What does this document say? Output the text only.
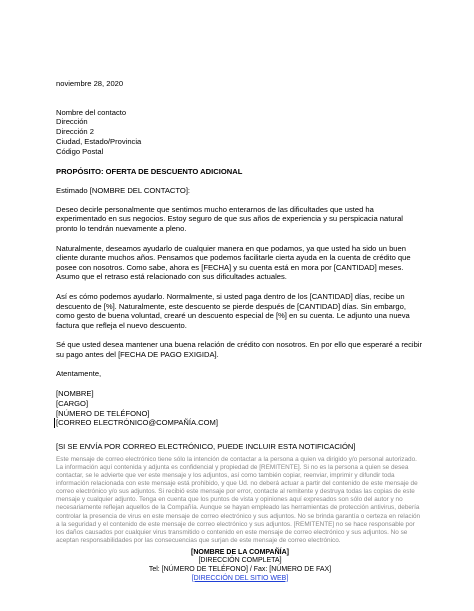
noviembre 28, 2020

Nombre del contacto
Dirección
Dirección 2
Ciudad, Estado/Provincia
Código Postal

PROPÓSITO: OFERTA DE DESCUENTO ADICIONAL

Estimado [NOMBRE DEL CONTACTO]:

Deseo decirle personalmente que sentimos mucho enterarnos de las dificultades que usted ha experimentado en sus negocios. Estoy seguro de que sus años de experiencia y su perspicacia natural pronto lo tendrán nuevamente a pleno.

Naturalmente, deseamos ayudarlo de cualquier manera en que podamos, ya que usted ha sido un buen cliente durante muchos años. Pensamos que podemos facilitarle cierta ayuda en la cuenta de crédito que posee con nosotros. Como sabe, ahora es [FECHA] y su cuenta está en mora por [CANTIDAD] meses. Asumo que el retraso está relacionado con sus dificultades actuales.

Así es cómo podemos ayudarlo. Normalmente, si usted paga dentro de los [CANTIDAD] días, recibe un descuento de [%]. Naturalmente, este descuento se pierde después de [CANTIDAD] días. Sin embargo, como gesto de buena voluntad, crearé un descuento especial de [%] en su cuenta. Le adjunto una nueva factura que refleja el nuevo descuento.

Sé que usted desea mantener una buena relación de crédito con nosotros. En por ello que esperaré a recibir su pago antes del [FECHA DE PAGO EXIGIDA].

Atentamente,

[NOMBRE]
[CARGO]
[NÚMERO DE TELÉFONO]
[CORREO ELECTRÓNICO@COMPAÑÍA.COM]

[SI SE ENVÍA POR CORREO ELECTRÓNICO, PUEDE INCLUIR ESTA NOTIFICACIÓN]

Este mensaje de correo electrónico tiene sólo la intención de contactar a la persona a quien va dirigido y/o personal autorizado. La información aquí contenida y adjunta es confidencial y propiedad de [REMITENTE]. Si no es la persona a quien se desea contactar, se le advierte que ver este mensaje y los adjuntos, así como también copiar, reenviar, imprimir y difundir toda información relacionada con este mensaje está prohibido, y que Ud. no deberá actuar a partir del contenido de este mensaje de correo electrónico y/o sus adjuntos. Si recibió este mensaje por error, contacte al remitente y destruya todas las copias de este mensaje y cualquier adjunto. Tenga en cuenta que los puntos de vista y opiniones aquí expresados son sólo del autor y no necesariamente reflejan aquellos de la Compañía. Aunque se hayan empleado las herramientas de protección antivirus, debería controlar la presencia de virus en este mensaje de correo electrónico y sus adjuntos. No se brinda garantía o certeza en relación a la seguridad y el contenido de este mensaje de correo electrónico y sus adjuntos. [REMITENTE] no se hace responsable por los daños causados por cualquier virus transmitido o contenido en este mensaje de correo electrónico y sus adjuntos. No se aceptan responsabilidades por las consecuencias que surjan de este mensaje de correo electrónico.

[NOMBRE DE LA COMPAÑÍA]
[DIRECCIÓN COMPLETA]
Tel: [NÚMERO DE TELÉFONO] / Fax: [NÚMERO DE FAX]
[DIRECCIÓN DEL SITIO WEB]
